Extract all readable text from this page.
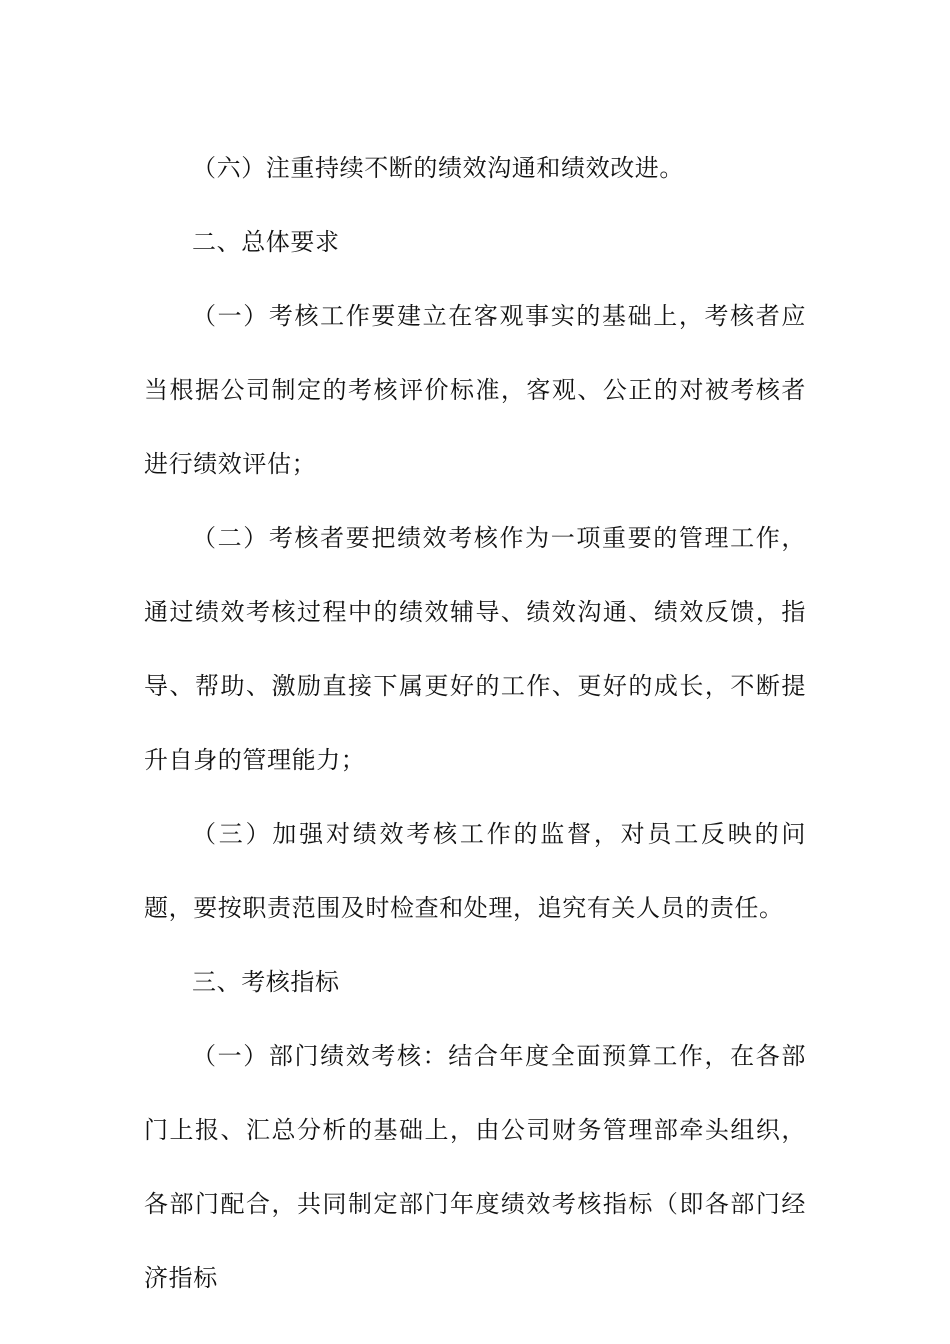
（六）注重持续不断的绩效沟通和绩效改进。

二、总体要求

（一）考核工作要建立在客观事实的基础上，考核者应当根据公司制定的考核评价标准，客观、公正的对被考核者进行绩效评估；

（二）考核者要把绩效考核作为一项重要的管理工作，通过绩效考核过程中的绩效辅导、绩效沟通、绩效反馈，指导、帮助、激励直接下属更好的工作、更好的成长，不断提升自身的管理能力；

（三）加强对绩效考核工作的监督，对员工反映的问题，要按职责范围及时检查和处理，追究有关人员的责任。

三、考核指标

（一）部门绩效考核：结合年度全面预算工作，在各部门上报、汇总分析的基础上，由公司财务管理部牵头组织，各部门配合，共同制定部门年度绩效考核指标（即各部门经济指标
